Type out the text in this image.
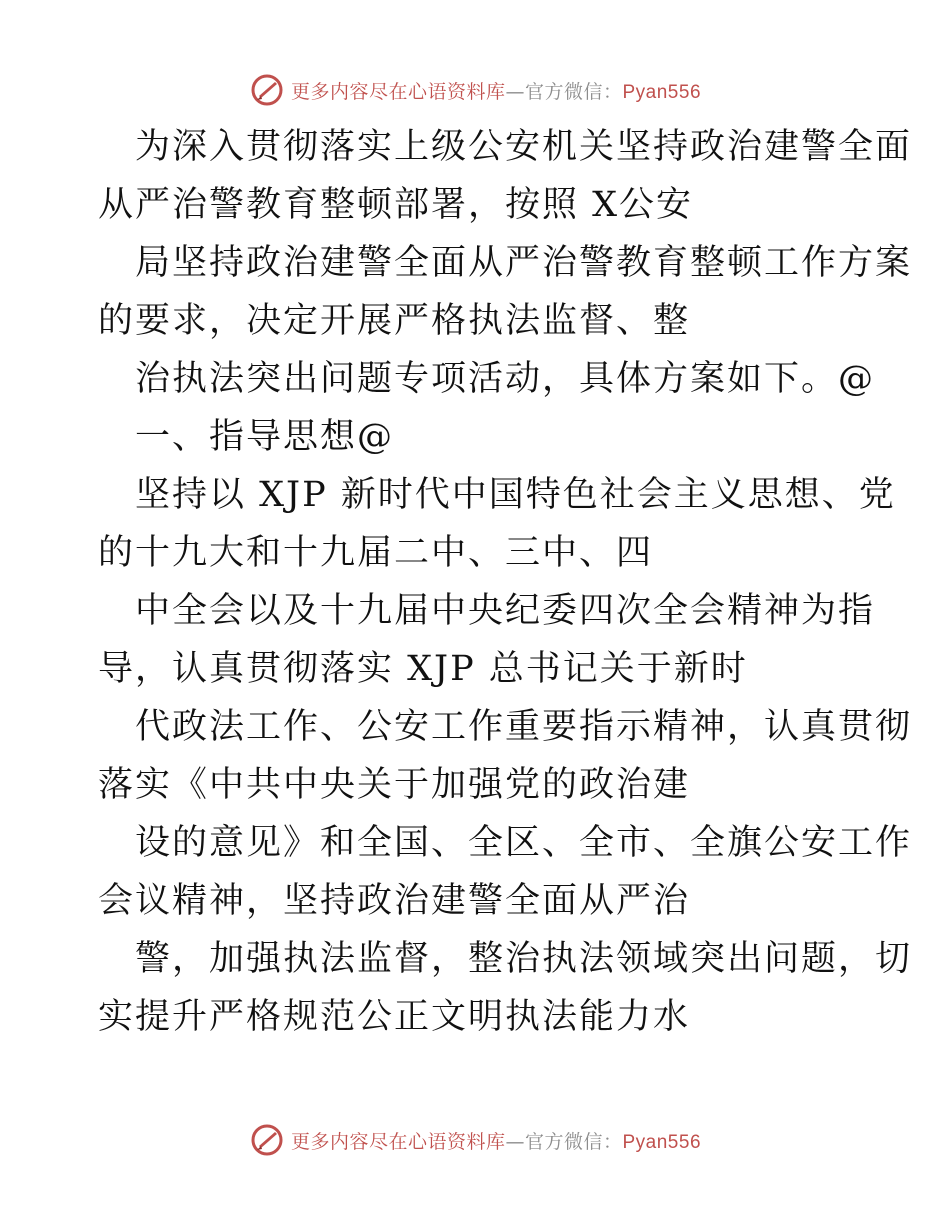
更多内容尽在心语资料库—官方微信：Pyan556
为深入贯彻落实上级公安机关坚持政治建警全面
从严治警教育整顿部署，按照 X公安
局坚持政治建警全面从严治警教育整顿工作方案
的要求，决定开展严格执法监督、整
治执法突出问题专项活动，具体方案如下。@
一、指导思想@
坚持以 XJP 新时代中国特色社会主义思想、党
的十九大和十九届二中、三中、四
中全会以及十九届中央纪委四次全会精神为指
导，认真贯彻落实 XJP 总书记关于新时
代政法工作、公安工作重要指示精神，认真贯彻
落实《中共中央关于加强党的政治建
设的意见》和全国、全区、全市、全旗公安工作
会议精神，坚持政治建警全面从严治
警，加强执法监督，整治执法领域突出问题，切
实提升严格规范公正文明执法能力水
更多内容尽在心语资料库—官方微信：Pyan556
